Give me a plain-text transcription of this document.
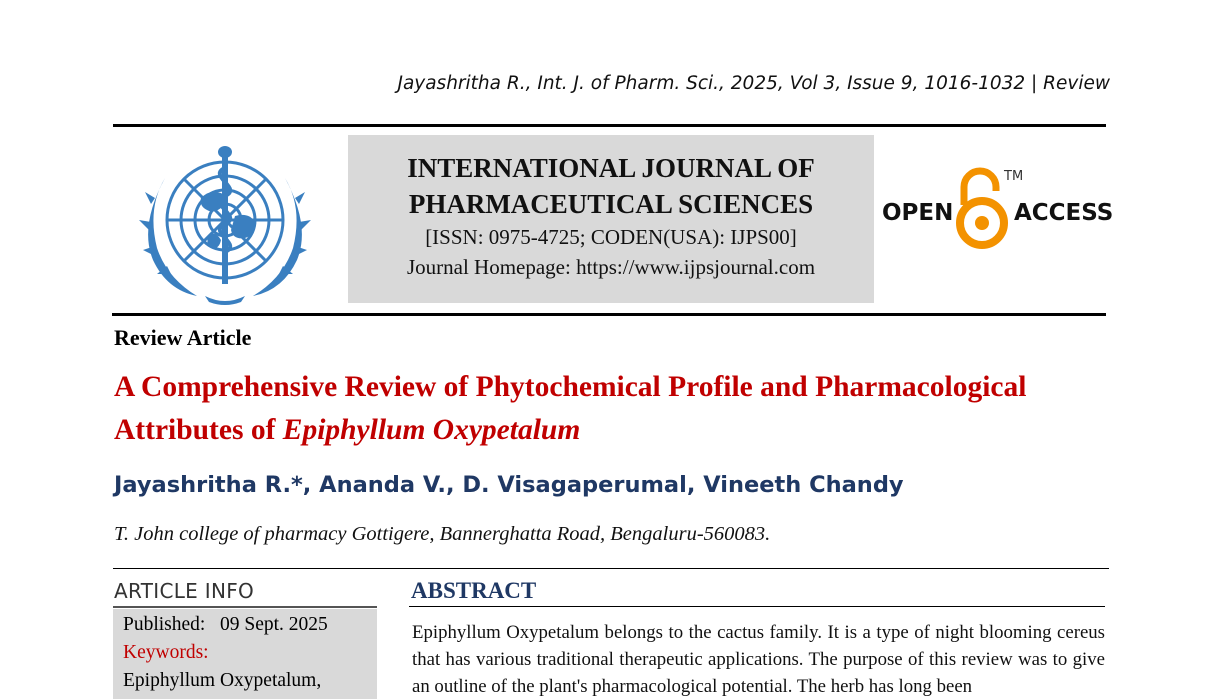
Jayashritha R., Int. J. of Pharm. Sci., 2025, Vol 3, Issue 9, 1016-1032 | Review
INTERNATIONAL JOURNAL OF
PHARMACEUTICAL SCIENCES
[ISSN: 0975-4725; CODEN(USA): IJPS00]
Journal Homepage: https://www.ijpsjournal.com
OPEN
TM
ACCESS
Review Article
A Comprehensive Review of Phytochemical Profile and Pharmacological Attributes of Epiphyllum Oxypetalum
Jayashritha R.*, Ananda V., D. Visagaperumal, Vineeth Chandy
T. John college of pharmacy Gottigere, Bannerghatta Road, Bengaluru-560083.
ARTICLE INFO
Published: 09 Sept. 2025
Keywords:
Epiphyllum Oxypetalum,
ABSTRACT
Epiphyllum Oxypetalum belongs to the cactus family. It is a type of night blooming cereus that has various traditional therapeutic applications. The purpose of this review was to give an outline of the plant's pharmacological potential. The herb has long been
